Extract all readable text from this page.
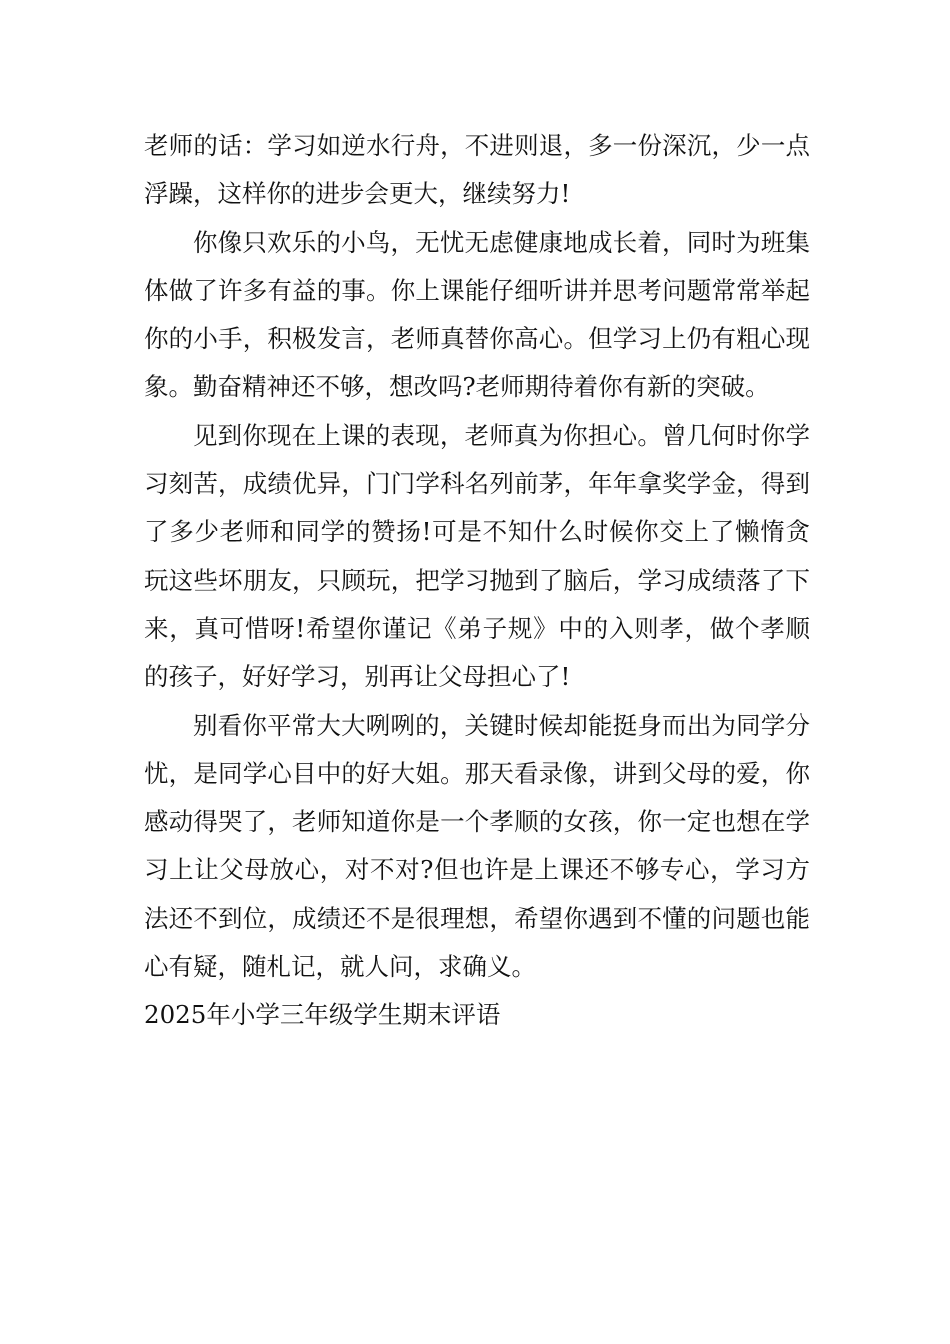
老师的话：学习如逆水行舟，不进则退，多一份深沉，少一点浮躁，这样你的进步会更大，继续努力!

你像只欢乐的小鸟，无忧无虑健康地成长着，同时为班集体做了许多有益的事。你上课能仔细听讲并思考问题常常举起你的小手，积极发言，老师真替你高心。但学习上仍有粗心现象。勤奋精神还不够，想改吗?老师期待着你有新的突破。

见到你现在上课的表现，老师真为你担心。曾几何时你学习刻苦，成绩优异，门门学科名列前茅，年年拿奖学金，得到了多少老师和同学的赞扬!可是不知什么时候你交上了懒惰贪玩这些坏朋友，只顾玩，把学习抛到了脑后，学习成绩落了下来，真可惜呀!希望你谨记《弟子规》中的入则孝，做个孝顺的孩子，好好学习，别再让父母担心了!

别看你平常大大咧咧的，关键时候却能挺身而出为同学分忧，是同学心目中的好大姐。那天看录像，讲到父母的爱，你感动得哭了，老师知道你是一个孝顺的女孩，你一定也想在学习上让父母放心，对不对?但也许是上课还不够专心，学习方法还不到位，成绩还不是很理想，希望你遇到不懂的问题也能心有疑，随札记，就人问，求确义。

2025年小学三年级学生期末评语
